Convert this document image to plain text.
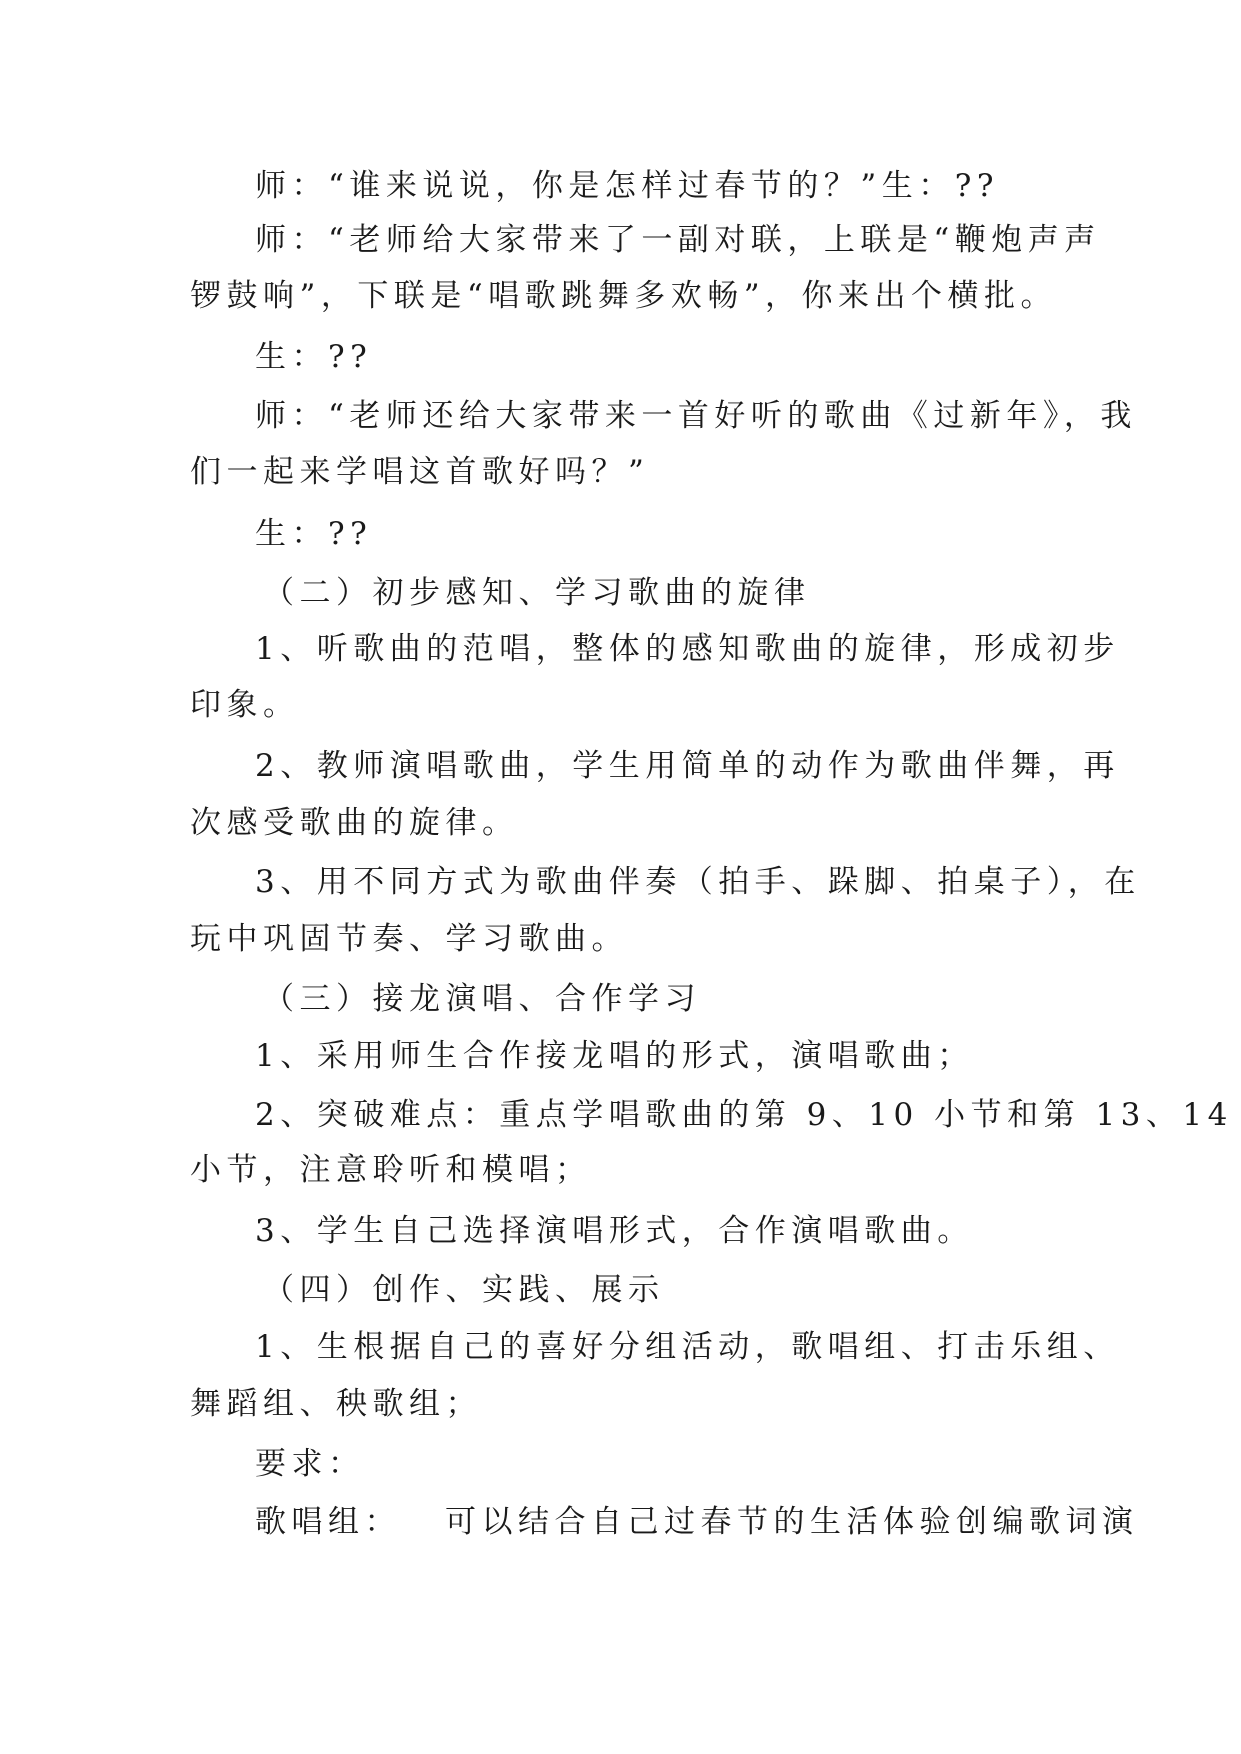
师：“谁来说说，你是怎样过春节的？”生：??
师：“老师给大家带来了一副对联，上联是“鞭炮声声
锣鼓响”，下联是“唱歌跳舞多欢畅”，你来出个横批。
生：??
师：“老师还给大家带来一首好听的歌曲《过新年》，我
们一起来学唱这首歌好吗？”
生：??
（二）初步感知、学习歌曲的旋律
1、听歌曲的范唱，整体的感知歌曲的旋律，形成初步
印象。
2、教师演唱歌曲，学生用简单的动作为歌曲伴舞，再
次感受歌曲的旋律。
3、用不同方式为歌曲伴奏（拍手、跺脚、拍桌子），在
玩中巩固节奏、学习歌曲。
（三）接龙演唱、合作学习
1、采用师生合作接龙唱的形式，演唱歌曲；
2、突破难点：重点学唱歌曲的第 9、10 小节和第 13、14
小节，注意聆听和模唱；
3、学生自己选择演唱形式，合作演唱歌曲。
（四）创作、实践、展示
1、生根据自己的喜好分组活动，歌唱组、打击乐组、
舞蹈组、秧歌组；
要求：
歌唱组： 可以结合自己过春节的生活体验创编歌词演
